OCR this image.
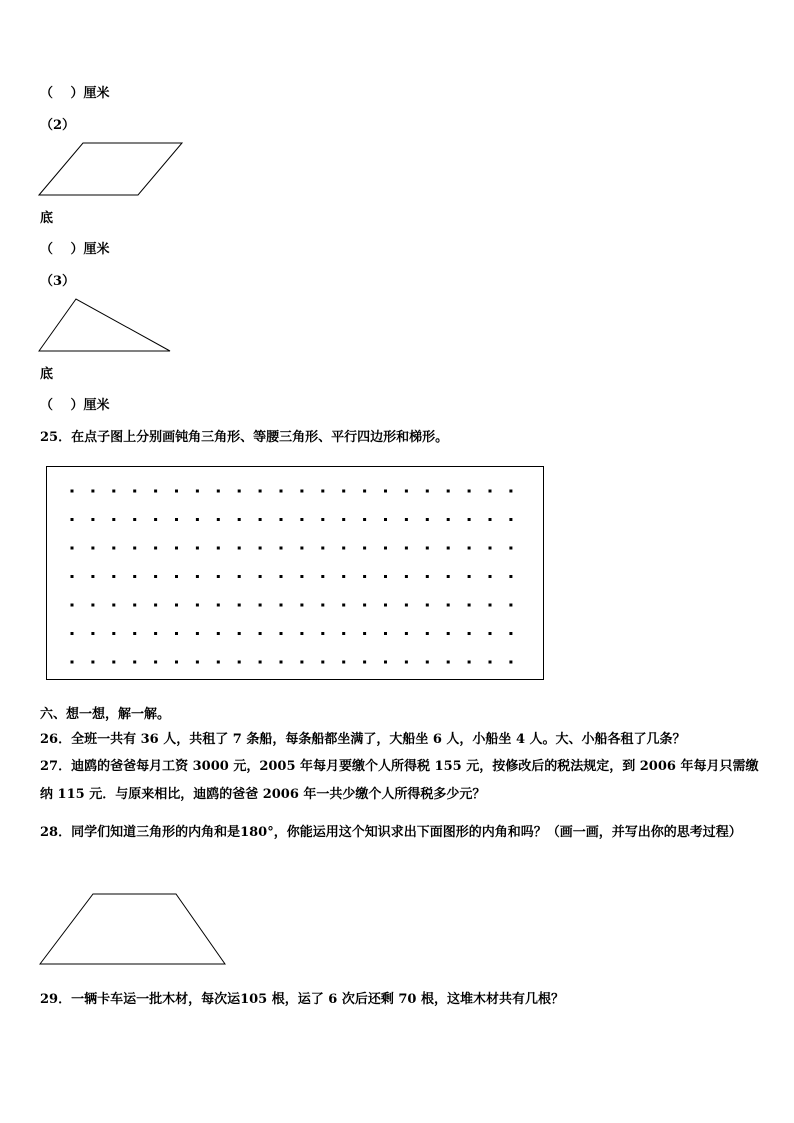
（　 ）厘米
（2）
底
（　 ）厘米
（3）
底
（　 ）厘米
25．在点子图上分别画钝角三角形、等腰三角形、平行四边形和梯形。
六、想一想，解一解。
26．全班一共有 36 人，共租了 7 条船，每条船都坐满了，大船坐 6 人，小船坐 4 人。大、小船各租了几条？
27．迪鸥的爸爸每月工资 3000 元，2005 年每月要缴个人所得税 155 元，按修改后的税法规定，到 2006 年每月只需缴纳 115 元．与原来相比，迪鸥的爸爸 2006 年一共少缴个人所得税多少元？
28．同学们知道三角形的内角和是180°，你能运用这个知识求出下面图形的内角和吗？（画一画，并写出你的思考过程）
29．一辆卡车运一批木材，每次运105 根，运了 6 次后还剩 70 根，这堆木材共有几根？
